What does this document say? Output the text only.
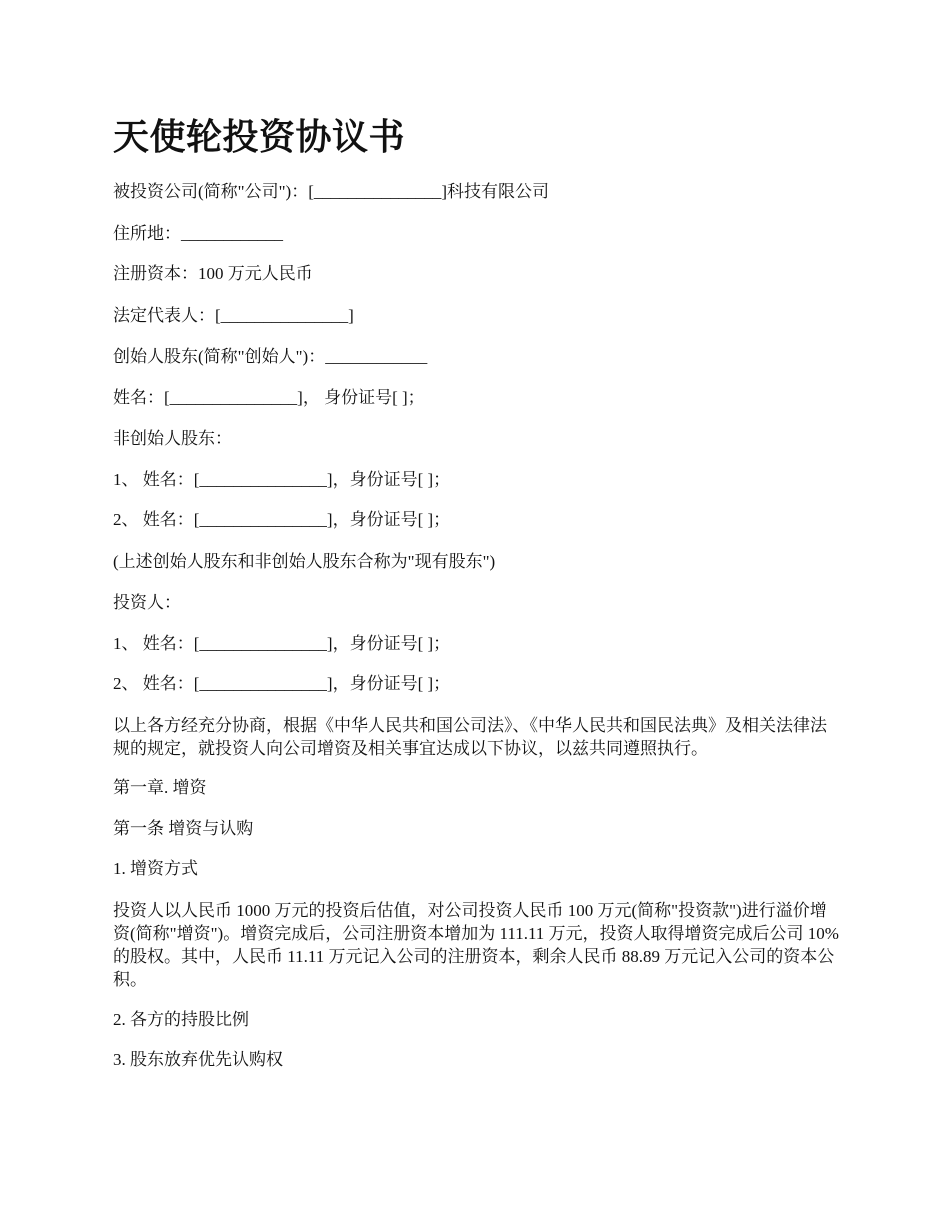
天使轮投资协议书

被投资公司(简称"公司")：[_______________]科技有限公司

住所地：____________

注册资本：100 万元人民币

法定代表人：[_______________]

创始人股东(简称"创始人")：____________

姓名：[_______________]， 身份证号[ ]；

非创始人股东：

1、 姓名：[_______________]，身份证号[ ]；

2、 姓名：[_______________]，身份证号[ ]；

(上述创始人股东和非创始人股东合称为"现有股东")

投资人：

1、 姓名：[_______________]，身份证号[ ]；

2、 姓名：[_______________]，身份证号[ ]；

以上各方经充分协商，根据《中华人民共和国公司法》、《中华人民共和国民法典》及相关法律法规的规定，就投资人向公司增资及相关事宜达成以下协议，以兹共同遵照执行。

第一章. 增资

第一条 增资与认购

1. 增资方式

投资人以人民币 1000 万元的投资后估值，对公司投资人民币 100 万元(简称"投资款")进行溢价增资(简称"增资")。增资完成后，公司注册资本增加为 111.11 万元，投资人取得增资完成后公司 10%的股权。其中，人民币 11.11 万元记入公司的注册资本，剩余人民币 88.89 万元记入公司的资本公积。

2. 各方的持股比例

3. 股东放弃优先认购权
